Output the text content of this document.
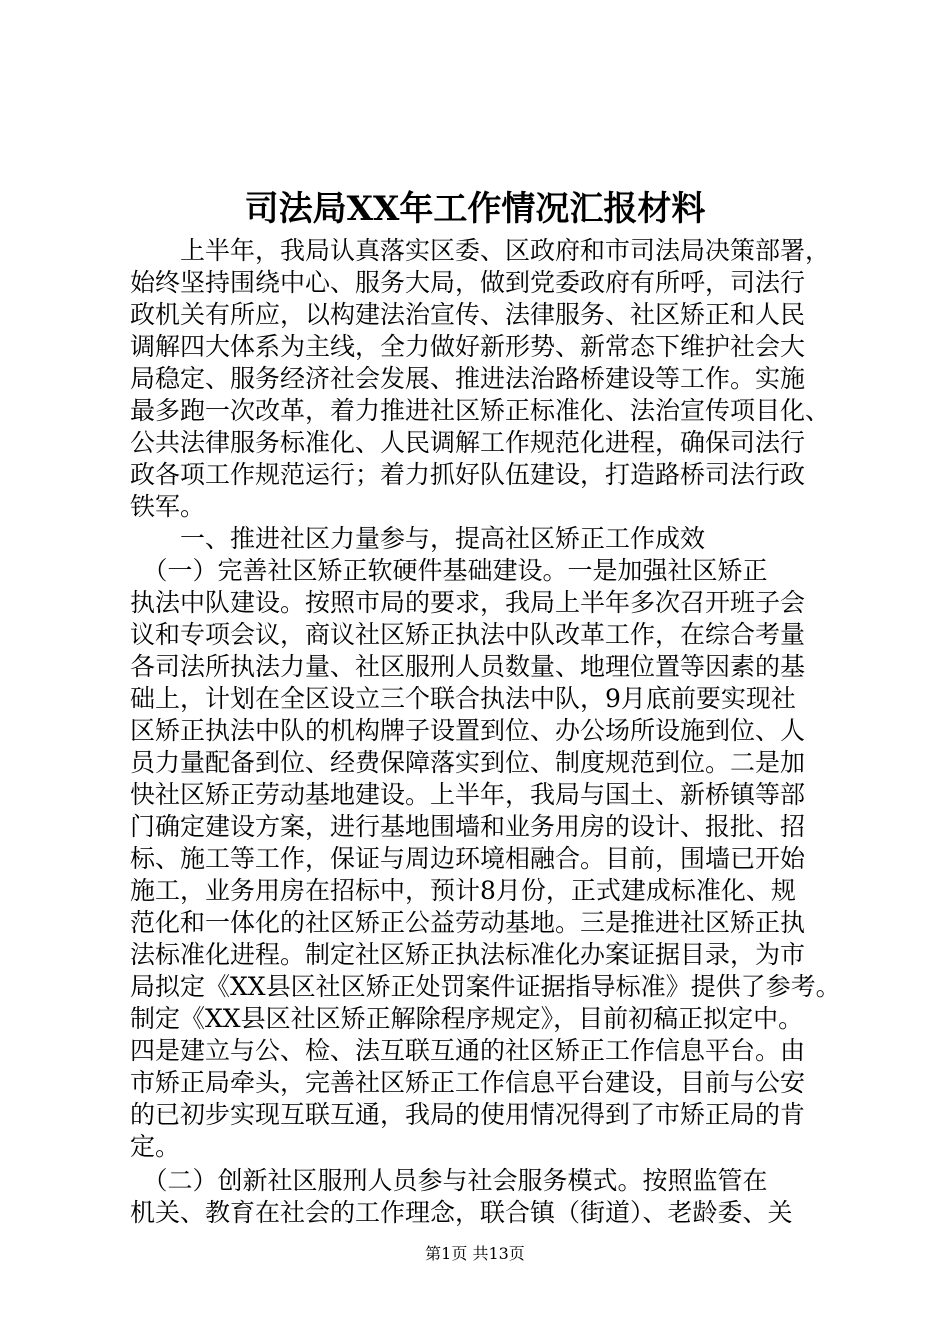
司法局XX年工作情况汇报材料
　　上半年，我局认真落实区委、区政府和市司法局决策部署，
始终坚持围绕中心、服务大局，做到党委政府有所呼，司法行
政机关有所应，以构建法治宣传、法律服务、社区矫正和人民
调解四大体系为主线，全力做好新形势、新常态下维护社会大
局稳定、服务经济社会发展、推进法治路桥建设等工作。实施
最多跑一次改革，着力推进社区矫正标准化、法治宣传项目化、
公共法律服务标准化、人民调解工作规范化进程，确保司法行
政各项工作规范运行；着力抓好队伍建设，打造路桥司法行政
铁军。
　　一、推进社区力量参与，提高社区矫正工作成效
　（一）完善社区矫正软硬件基础建设。一是加强社区矫正
执法中队建设。按照市局的要求，我局上半年多次召开班子会
议和专项会议，商议社区矫正执法中队改革工作，在综合考量
各司法所执法力量、社区服刑人员数量、地理位置等因素的基
础上，计划在全区设立三个联合执法中队，9月底前要实现社
区矫正执法中队的机构牌子设置到位、办公场所设施到位、人
员力量配备到位、经费保障落实到位、制度规范到位。二是加
快社区矫正劳动基地建设。上半年，我局与国土、新桥镇等部
门确定建设方案，进行基地围墙和业务用房的设计、报批、招
标、施工等工作，保证与周边环境相融合。目前，围墙已开始
施工，业务用房在招标中，预计8月份，正式建成标准化、规
范化和一体化的社区矫正公益劳动基地。三是推进社区矫正执
法标准化进程。制定社区矫正执法标准化办案证据目录，为市
局拟定《XX县区社区矫正处罚案件证据指导标准》提供了参考。
制定《XX县区社区矫正解除程序规定》，目前初稿正拟定中。
四是建立与公、检、法互联互通的社区矫正工作信息平台。由
市矫正局牵头，完善社区矫正工作信息平台建设，目前与公安
的已初步实现互联互通，我局的使用情况得到了市矫正局的肯
定。
　（二）创新社区服刑人员参与社会服务模式。按照监管在
机关、教育在社会的工作理念，联合镇（街道）、老龄委、关
第1页 共13页
